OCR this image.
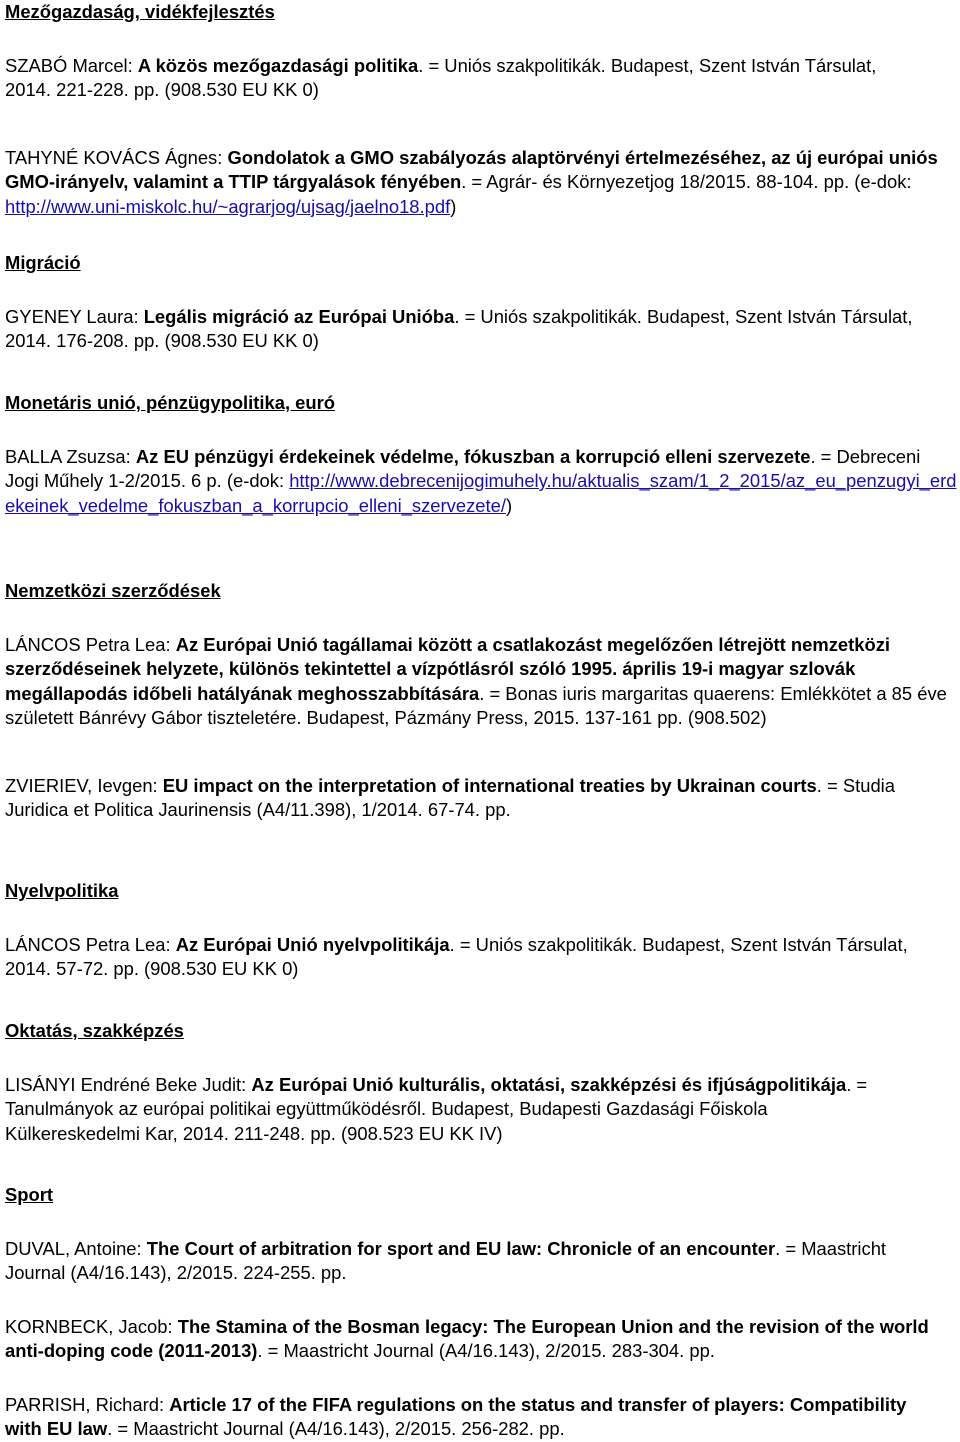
Mezőgazdaság, vidékfejlesztés

SZABÓ Marcel: A közös mezőgazdasági politika. = Uniós szakpolitikák. Budapest, Szent István Társulat, 2014. 221-228. pp. (908.530 EU KK 0)

TAHYNÉ KOVÁCS Ágnes: Gondolatok a GMO szabályozás alaptörvényi értelmezéséhez, az új európai uniós GMO-irányelv, valamint a TTIP tárgyalások fényében. = Agrár- és Környezetjog 18/2015. 88-104. pp. (e-dok: http://www.uni-miskolc.hu/~agrarjog/ujsag/jaelno18.pdf)

Migráció

GYENEY Laura: Legális migráció az Európai Unióba. = Uniós szakpolitikák. Budapest, Szent István Társulat, 2014. 176-208. pp. (908.530 EU KK 0)

Monetáris unió, pénzügypolitika, euró

BALLA Zsuzsa: Az EU pénzügyi érdekeinek védelme, fókuszban a korrupció elleni szervezete. = Debreceni Jogi Műhely 1-2/2015. 6 p. (e-dok: http://www.debrecenijogimuhely.hu/aktualis_szam/1_2_2015/az_eu_penzugyi_erdekeinek_vedelme_fokuszban_a_korrupcio_elleni_szervezete/)

Nemzetközi szerződések

LÁNCOS Petra Lea: Az Európai Unió tagállamai között a csatlakozást megelőzően létrejött nemzetközi szerződéseinek helyzete, különös tekintettel a vízpótlásról szóló 1995. április 19-i magyar szlovák megállapodás időbeli hatályának meghosszabbítására. = Bonas iuris margaritas quaerens: Emlékkötet a 85 éve született Bánrévy Gábor tiszteletére. Budapest, Pázmány Press, 2015. 137-161 pp. (908.502)

ZVIERIEV, Ievgen: EU impact on the interpretation of international treaties by Ukrainan courts. = Studia Juridica et Politica Jaurinensis (A4/11.398), 1/2014. 67-74. pp.

Nyelvpolitika

LÁNCOS Petra Lea: Az Európai Unió nyelvpolitikája. = Uniós szakpolitikák. Budapest, Szent István Társulat, 2014. 57-72. pp. (908.530 EU KK 0)

Oktatás, szakképzés

LISÁNYI Endréné Beke Judit: Az Európai Unió kulturális, oktatási, szakképzési és ifjúságpolitikája. = Tanulmányok az európai politikai együttműködésről. Budapest, Budapesti Gazdasági Főiskola Külkereskedelmi Kar, 2014. 211-248. pp. (908.523 EU KK IV)

Sport

DUVAL, Antoine: The Court of arbitration for sport and EU law: Chronicle of an encounter. = Maastricht Journal (A4/16.143), 2/2015. 224-255. pp.

KORNBECK, Jacob: The Stamina of the Bosman legacy: The European Union and the revision of the world anti-doping code (2011-2013). = Maastricht Journal (A4/16.143), 2/2015. 283-304. pp.

PARRISH, Richard: Article 17 of the FIFA regulations on the status and transfer of players: Compatibility with EU law. = Maastricht Journal (A4/16.143), 2/2015. 256-282. pp.
